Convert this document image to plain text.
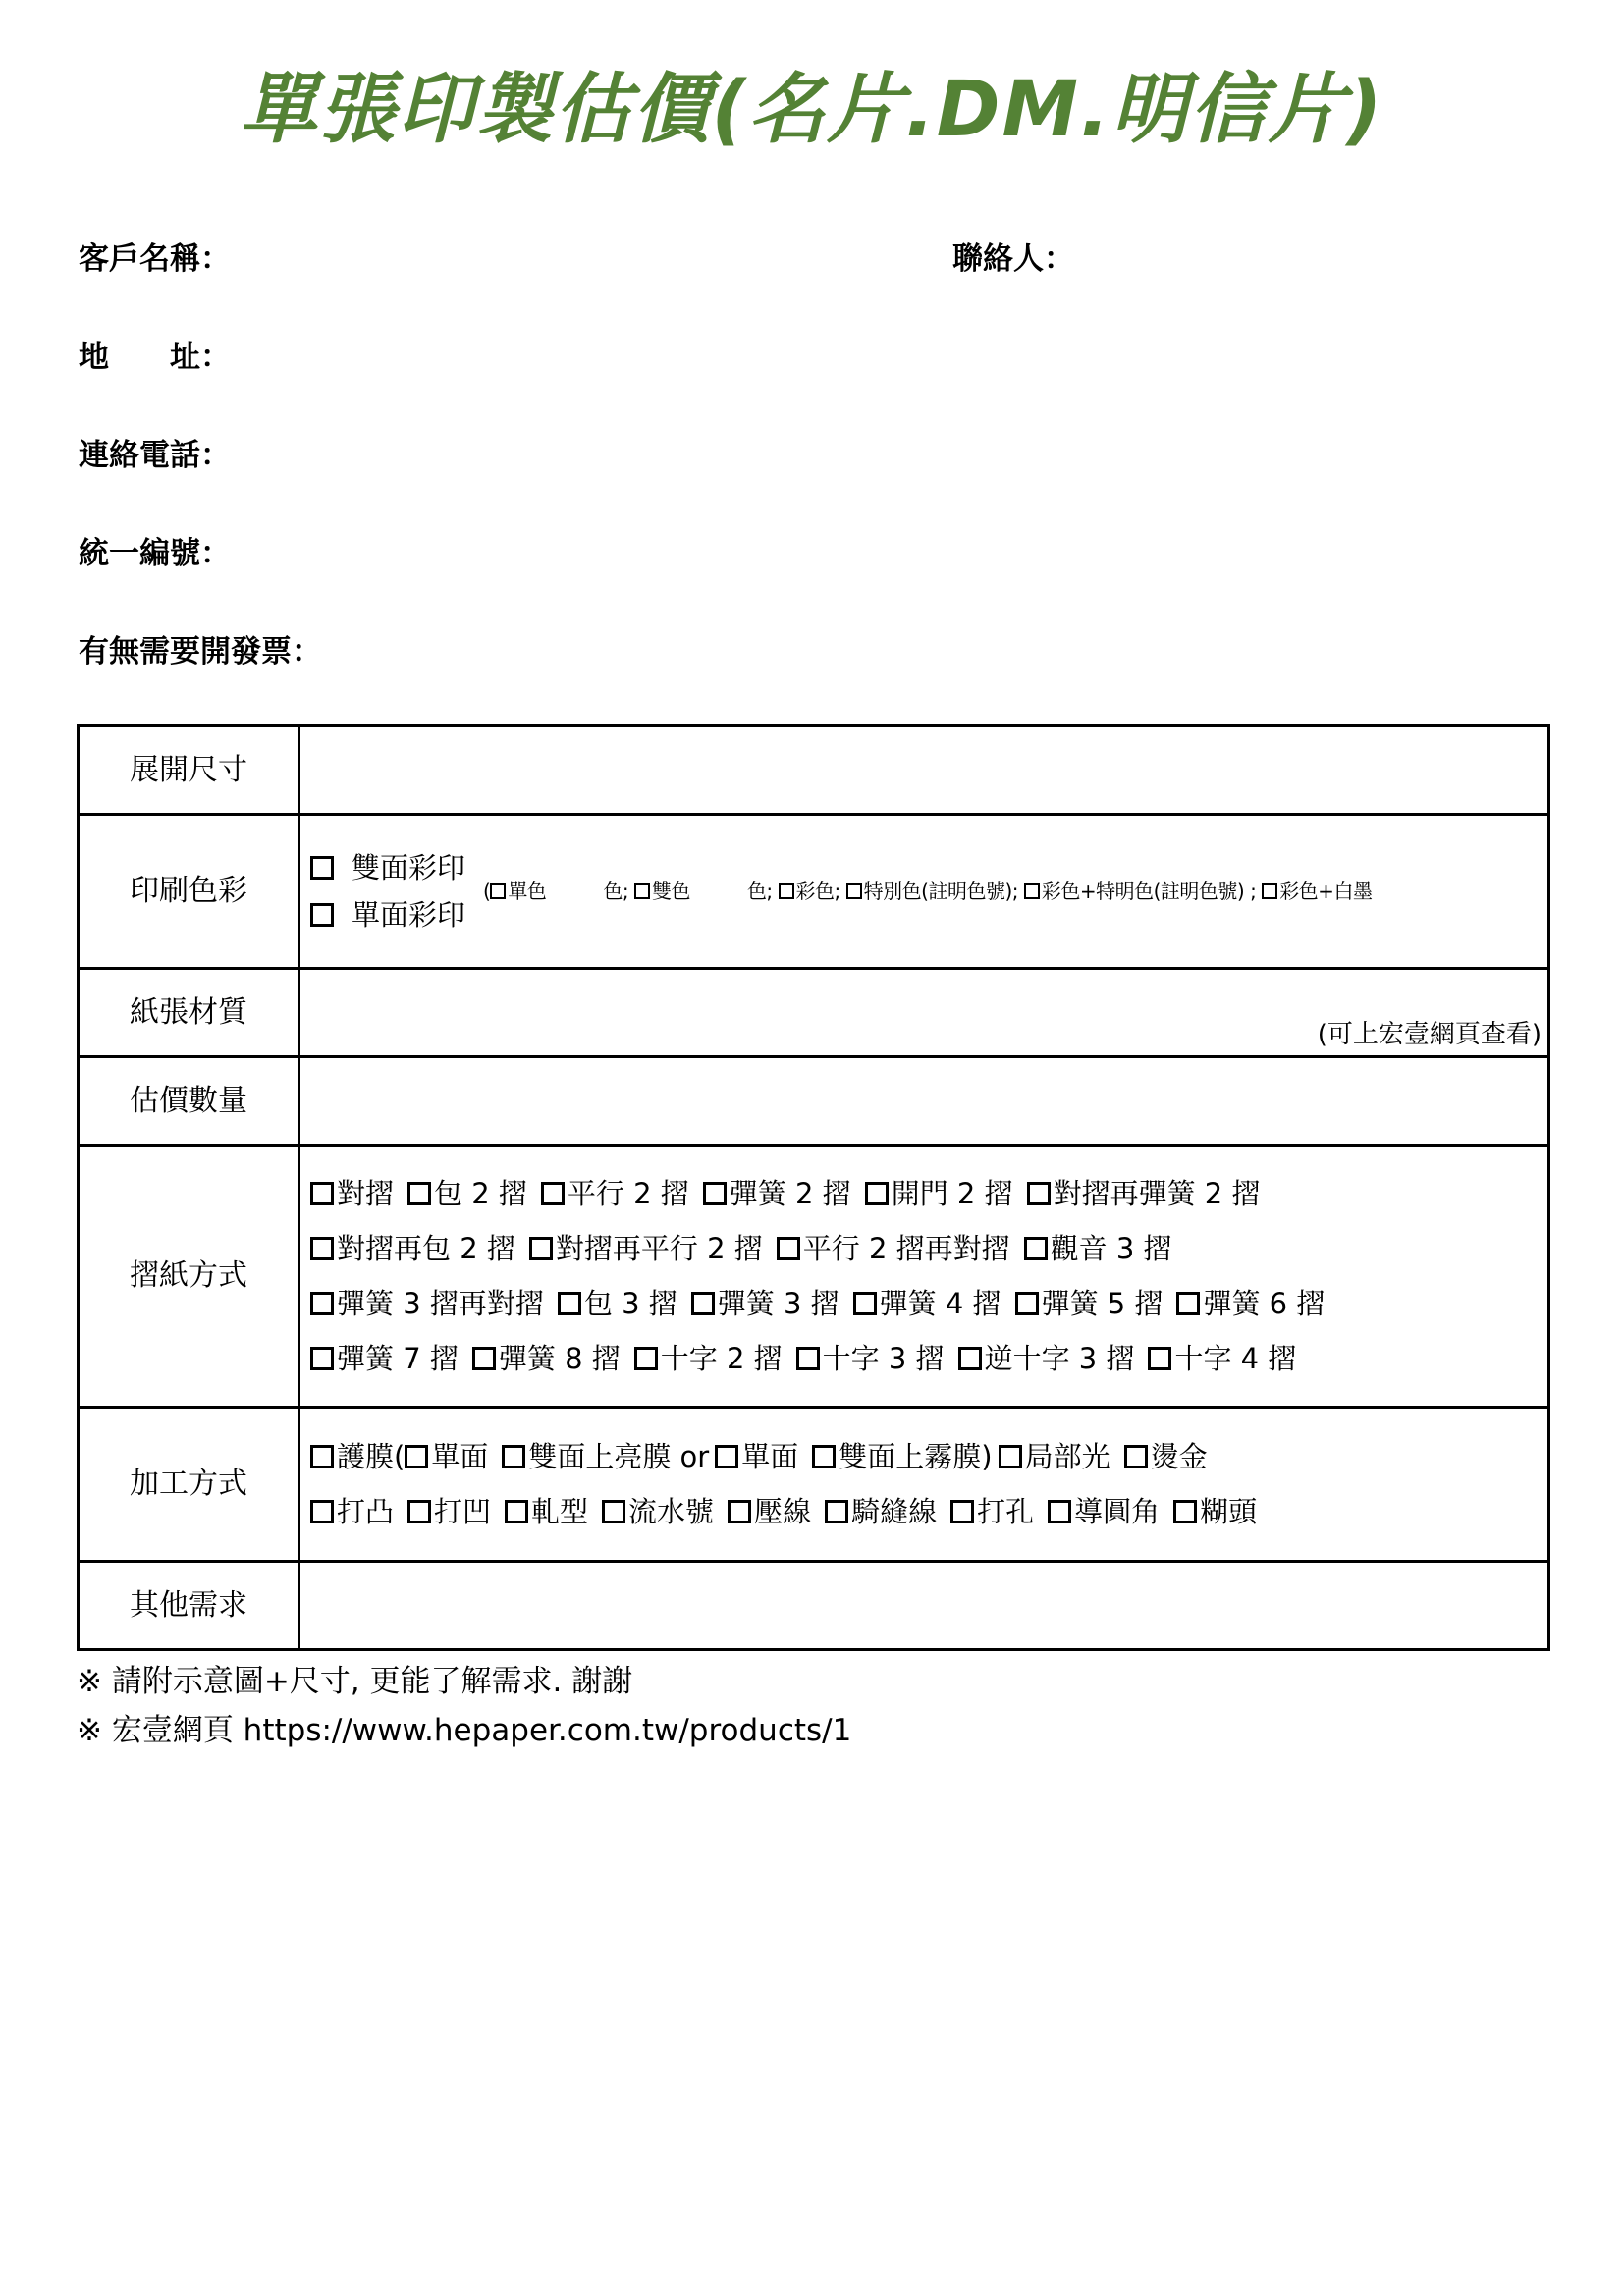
單張印製估價(名片.DM.明信片)
客戶名稱：	聯絡人：
地　　址：
連絡電話：
統一編號：
有無需要開發票：
展開尺寸	
印刷色彩	雙面彩印
單面彩印
( 單色 色; 雙色 色; 彩色; 特別色(註明色號); 彩色+特明色(註明色號) ; 彩色+白墨

紙張材質	(可上宏壹網頁查看)

估價數量	
摺紙方式	對摺 包 2 摺 平行 2 摺 彈簧 2 摺 開門 2 摺 對摺再彈簧 2 摺
對摺再包 2 摺 對摺再平行 2 摺 平行 2 摺再對摺 觀音 3 摺
彈簧 3 摺再對摺 包 3 摺 彈簧 3 摺 彈簧 4 摺 彈簧 5 摺 彈簧 6 摺
彈簧 7 摺 彈簧 8 摺 十字 2 摺 十字 3 摺 逆十字 3 摺 十字 4 摺

加工方式	護膜( 單面 雙面上亮膜 or 單面 雙面上霧膜) 局部光 燙金
打凸 打凹 軋型 流水號 壓線 騎縫線 打孔 導圓角 糊頭

其他需求	
※ 請附示意圖+尺寸, 更能了解需求. 謝謝
※ 宏壹網頁 https://www.hepaper.com.tw/products/1
